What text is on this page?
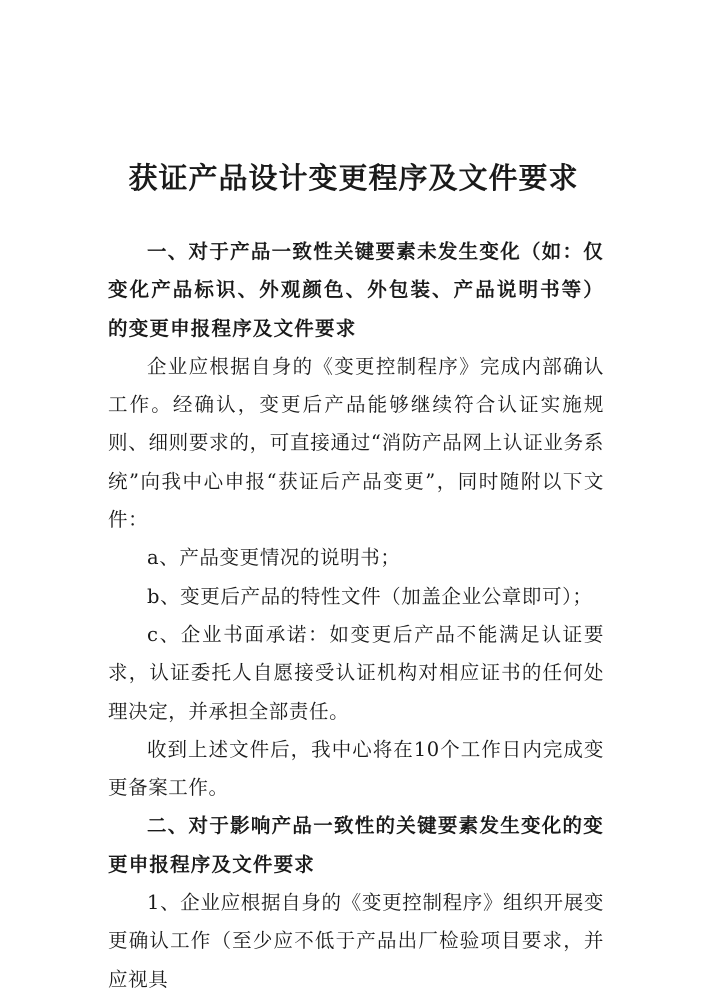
获证产品设计变更程序及文件要求

一、对于产品一致性关键要素未发生变化（如：仅变化产品标识、外观颜色、外包装、产品说明书等）的变更申报程序及文件要求

企业应根据自身的《变更控制程序》完成内部确认工作。经确认，变更后产品能够继续符合认证实施规则、细则要求的，可直接通过“消防产品网上认证业务系统”向我中心申报“获证后产品变更”，同时随附以下文件：

a、产品变更情况的说明书；

b、变更后产品的特性文件（加盖企业公章即可）；

c、企业书面承诺：如变更后产品不能满足认证要求，认证委托人自愿接受认证机构对相应证书的任何处理决定，并承担全部责任。

收到上述文件后，我中心将在10个工作日内完成变更备案工作。

二、对于影响产品一致性的关键要素发生变化的变更申报程序及文件要求

1、企业应根据自身的《变更控制程序》组织开展变更确认工作（至少应不低于产品出厂检验项目要求，并应视具
